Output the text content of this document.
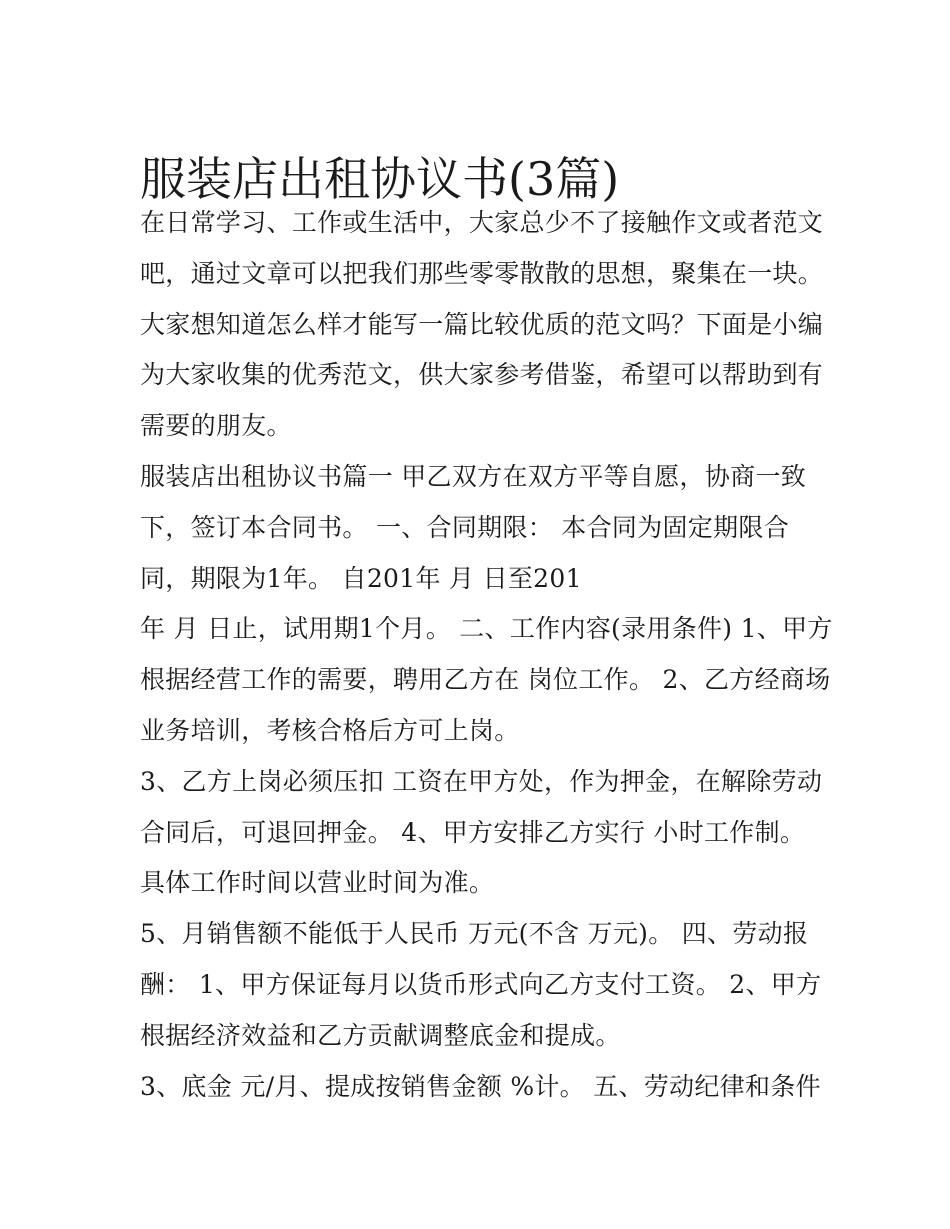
服装店出租协议书(3篇)
在日常学习、工作或生活中，大家总少不了接触作文或者范文
吧，通过文章可以把我们那些零零散散的思想，聚集在一块。
大家想知道怎么样才能写一篇比较优质的范文吗？下面是小编
为大家收集的优秀范文，供大家参考借鉴，希望可以帮助到有
需要的朋友。
服装店出租协议书篇一 甲乙双方在双方平等自愿，协商一致
下，签订本合同书。 一、合同期限： 本合同为固定期限合
同，期限为1年。 自201年 月 日至201
年 月 日止，试用期1个月。 二、工作内容(录用条件) 1、甲方
根据经营工作的需要，聘用乙方在 岗位工作。 2、乙方经商场
业务培训，考核合格后方可上岗。
3、乙方上岗必须压扣 工资在甲方处，作为押金，在解除劳动
合同后，可退回押金。 4、甲方安排乙方实行 小时工作制。
具体工作时间以营业时间为准。
5、月销售额不能低于人民币 万元(不含 万元)。 四、劳动报
酬： 1、甲方保证每月以货币形式向乙方支付工资。 2、甲方
根据经济效益和乙方贡献调整底金和提成。
3、底金 元/月、提成按销售金额 %计。 五、劳动纪律和条件
